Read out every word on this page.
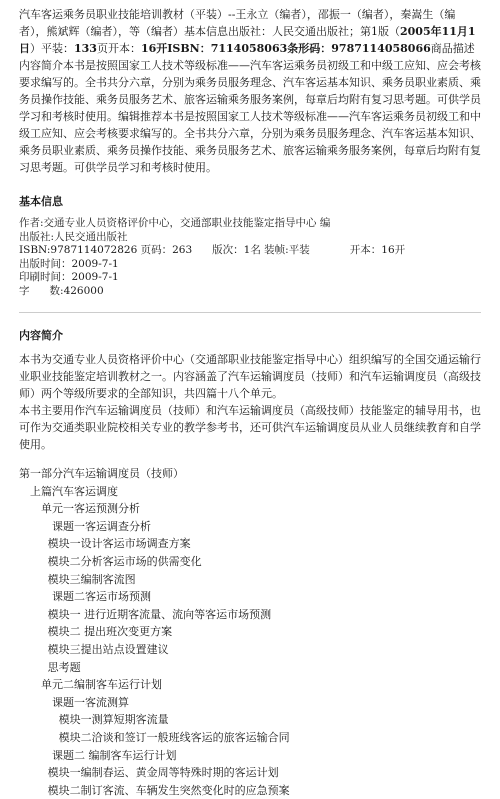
汽车客运乘务员职业技能培训教材（平装）--王永立（编者），邵振一（编者），秦嵩生（编者），熊斌辉（编者），等（编者）基本信息出版社：人民交通出版社；第1版（2005年11月1日）平装：133页开本：16开ISBN：7114058063条形码：9787114058066商品描述内容简介本书是按照国家工人技术等级标准——汽车客运乘务员初级工和中级工应知、应会考核要求编写的。全书共分六章，分别为乘务员服务理念、汽车客运基本知识、乘务员职业素质、乘务员操作技能、乘务员服务艺术、旅客运输乘务服务案例，每章后均附有复习思考题。可供学员学习和考核时使用。编辑推荐本书是按照国家工人技术等级标准——汽车客运乘务员初级工和中级工应知、应会考核要求编写的。全书共分六章，分别为乘务员服务理念、汽车客运基本知识、乘务员职业素质、乘务员操作技能、乘务员服务艺术、旅客运输乘务服务案例，每章后均附有复习思考题。可供学员学习和考核时使用。

基本信息
作者:交通专业人员资格评价中心，交通部职业技能鉴定指导中心 编
出版社:人民交通出版社
ISBN:9787114072826 页码：263      版次：1名 装帧:平装            开本：16开
出版时间：2009-7-1
印刷时间：2009-7-1
字      数:426000
内容简介

本书为交通专业人员资格评价中心（交通部职业技能鉴定指导中心）组织编写的全国交通运输行业职业技能鉴定培训教材之一。内容涵盖了汽车运输调度员（技师）和汽车运输调度员（高级技师）两个等级所要求的全部知识，共四篇十八个单元。

本书主要用作汽车运输调度员（技师）和汽车运输调度员（高级技师）技能鉴定的辅导用书，也可作为交通类职业院校相关专业的教学参考书，还可供汽车运输调度员从业人员继续教育和自学使用。

第一部分汽车运输调度员（技师）
上篇汽车客运调度
单元一客运预测分析
课题一客运调查分析
模块一设计客运市场调查方案
模块二分析客运市场的供需变化
模块三编制客流图
课题二客运市场预测
模块一 进行近期客流量、流向等客运市场预测
模块二 提出班次变更方案
模块三提出站点设置建议
思考题
单元二编制客车运行计划
课题一客流测算
模块一测算短期客流量
模块二洽谈和签订一般班线客运的旅客运输合同
课题二 编制客车运行计划
模块一编制春运、黄金周等特殊时期的客运计划
模块二制订客流、车辆发生突然变化时的应急预案
